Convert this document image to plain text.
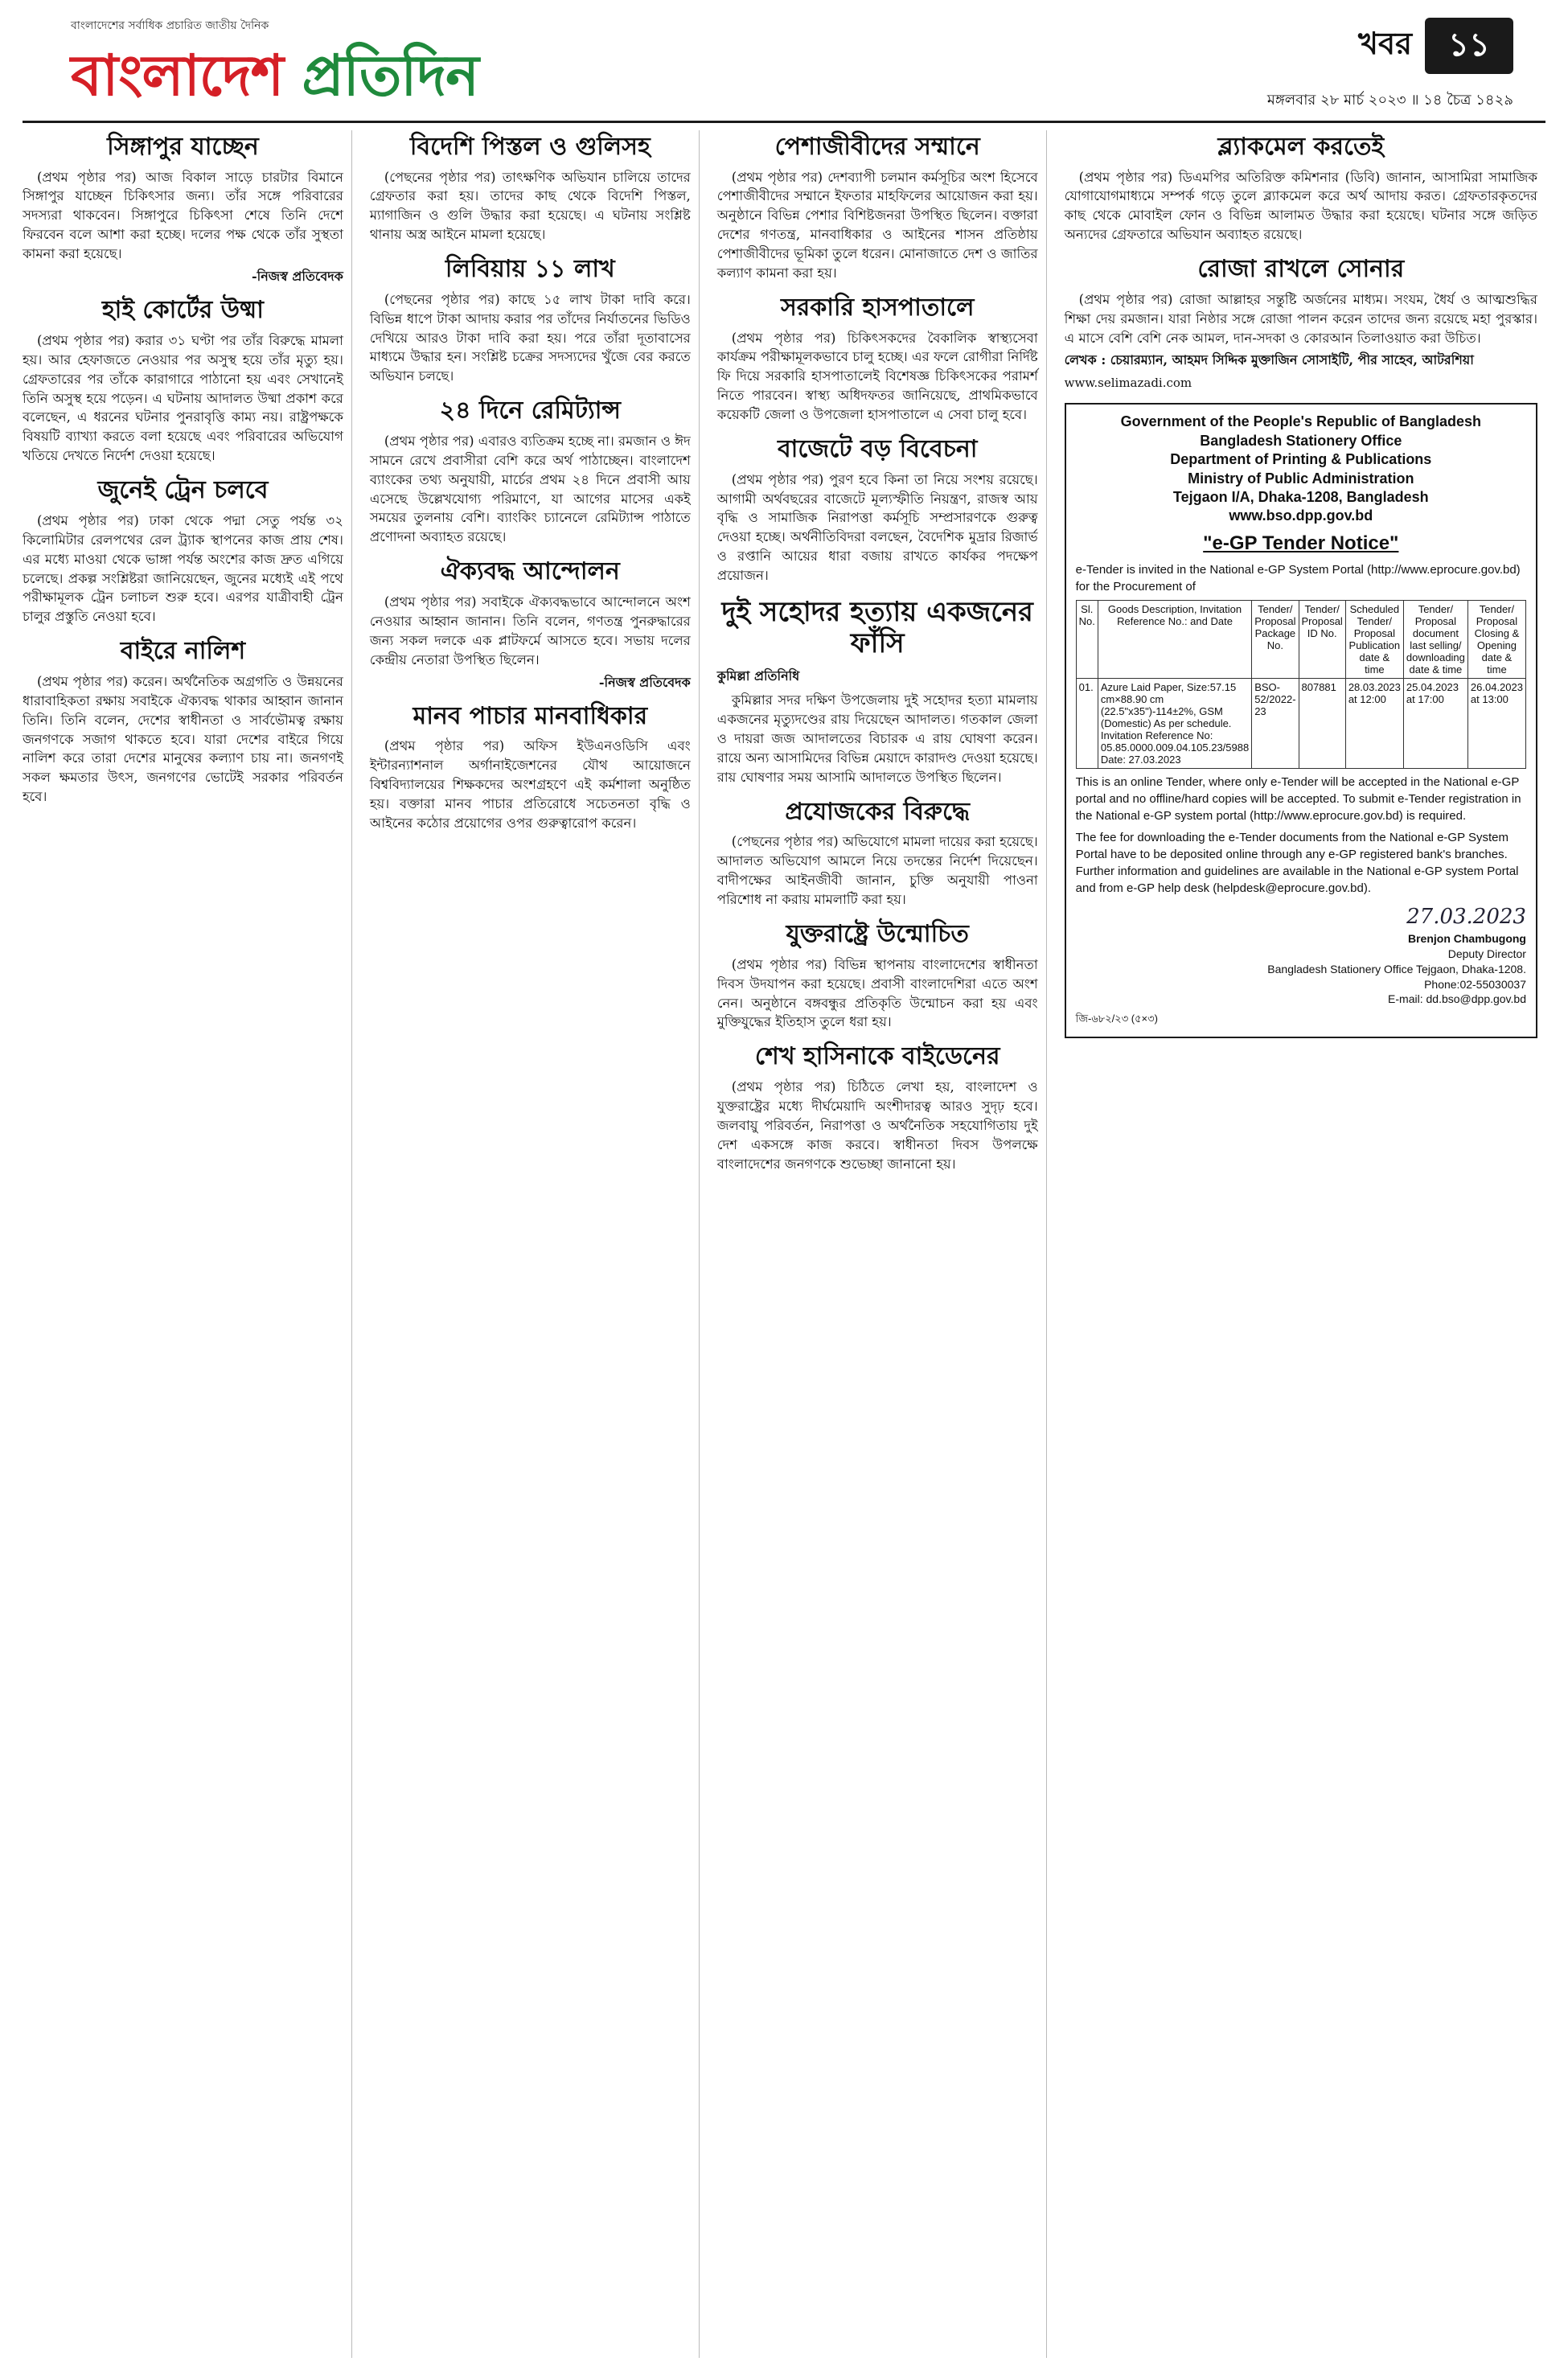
বাংলাদেশের সর্বাধিক প্রচারিত জাতীয় দৈনিক
বাংলাদেশ প্রতিদিন	খবর	১১
মঙ্গলবার ২৮ মার্চ ২০২৩ ॥ ১৪ চৈত্র ১৪২৯
সিঙ্গাপুর যাচ্ছেন

(প্রথম পৃষ্ঠার পর) আজ বিকাল সাড়ে চারটার বিমানে সিঙ্গাপুর যাচ্ছেন চিকিৎসার জন্য। তাঁর সঙ্গে পরিবারের সদস্যরা থাকবেন। সিঙ্গাপুরে চিকিৎসা শেষে তিনি দেশে ফিরবেন বলে আশা করা হচ্ছে। দলের পক্ষ থেকে তাঁর সুস্থতা কামনা করা হয়েছে।

-নিজস্ব প্রতিবেদক
হাই কোর্টের উষ্মা

(প্রথম পৃষ্ঠার পর) করার ৩১ ঘণ্টা পর তাঁর বিরুদ্ধে মামলা হয়। আর হেফাজতে নেওয়ার পর অসুস্থ হয়ে তাঁর মৃত্যু হয়। গ্রেফতারের পর তাঁকে কারাগারে পাঠানো হয় এবং সেখানেই তিনি অসুস্থ হয়ে পড়েন। এ ঘটনায় আদালত উষ্মা প্রকাশ করে বলেছেন, এ ধরনের ঘটনার পুনরাবৃত্তি কাম্য নয়। রাষ্ট্রপক্ষকে বিষয়টি ব্যাখ্যা করতে বলা হয়েছে এবং পরিবারের অভিযোগ খতিয়ে দেখতে নির্দেশ দেওয়া হয়েছে।

জুনেই ট্রেন চলবে

(প্রথম পৃষ্ঠার পর) ঢাকা থেকে পদ্মা সেতু পর্যন্ত ৩২ কিলোমিটার রেলপথের রেল ট্র্যাক স্থাপনের কাজ প্রায় শেষ। এর মধ্যে মাওয়া থেকে ভাঙ্গা পর্যন্ত অংশের কাজ দ্রুত এগিয়ে চলেছে। প্রকল্প সংশ্লিষ্টরা জানিয়েছেন, জুনের মধ্যেই এই পথে পরীক্ষামূলক ট্রেন চলাচল শুরু হবে। এরপর যাত্রীবাহী ট্রেন চালুর প্রস্তুতি নেওয়া হবে।

বাইরে নালিশ

(প্রথম পৃষ্ঠার পর) করেন। অর্থনৈতিক অগ্রগতি ও উন্নয়নের ধারাবাহিকতা রক্ষায় সবাইকে ঐক্যবদ্ধ থাকার আহ্বান জানান তিনি। তিনি বলেন, দেশের স্বাধীনতা ও সার্বভৌমত্ব রক্ষায় জনগণকে সজাগ থাকতে হবে। যারা দেশের বাইরে গিয়ে নালিশ করে তারা দেশের মানুষের কল্যাণ চায় না। জনগণই সকল ক্ষমতার উৎস, জনগণের ভোটেই সরকার পরিবর্তন হবে।

বিদেশি পিস্তল ও গুলিসহ

(পেছনের পৃষ্ঠার পর) তাৎক্ষণিক অভিযান চালিয়ে তাদের গ্রেফতার করা হয়। তাদের কাছ থেকে বিদেশি পিস্তল, ম্যাগাজিন ও গুলি উদ্ধার করা হয়েছে। এ ঘটনায় সংশ্লিষ্ট থানায় অস্ত্র আইনে মামলা হয়েছে।

লিবিয়ায় ১১ লাখ

(পেছনের পৃষ্ঠার পর) কাছে ১৫ লাখ টাকা দাবি করে। বিভিন্ন ধাপে টাকা আদায় করার পর তাঁদের নির্যাতনের ভিডিও দেখিয়ে আরও টাকা দাবি করা হয়। পরে তাঁরা দূতাবাসের মাধ্যমে উদ্ধার হন। সংশ্লিষ্ট চক্রের সদস্যদের খুঁজে বের করতে অভিযান চলছে।

২৪ দিনে রেমিট্যান্স

(প্রথম পৃষ্ঠার পর) এবারও ব্যতিক্রম হচ্ছে না। রমজান ও ঈদ সামনে রেখে প্রবাসীরা বেশি করে অর্থ পাঠাচ্ছেন। বাংলাদেশ ব্যাংকের তথ্য অনুযায়ী, মার্চের প্রথম ২৪ দিনে প্রবাসী আয় এসেছে উল্লেখযোগ্য পরিমাণে, যা আগের মাসের একই সময়ের তুলনায় বেশি। ব্যাংকিং চ্যানেলে রেমিট্যান্স পাঠাতে প্রণোদনা অব্যাহত রয়েছে।

ঐক্যবদ্ধ আন্দোলন

(প্রথম পৃষ্ঠার পর) সবাইকে ঐক্যবদ্ধভাবে আন্দোলনে অংশ নেওয়ার আহ্বান জানান। তিনি বলেন, গণতন্ত্র পুনরুদ্ধারের জন্য সকল দলকে এক প্লাটফর্মে আসতে হবে। সভায় দলের কেন্দ্রীয় নেতারা উপস্থিত ছিলেন।

-নিজস্ব প্রতিবেদক
মানব পাচার মানবাধিকার

(প্রথম পৃষ্ঠার পর) অফিস ইউএনওডিসি এবং ইন্টারন্যাশনাল অর্গানাইজেশনের যৌথ আয়োজনে বিশ্ববিদ্যালয়ের শিক্ষকদের অংশগ্রহণে এই কর্মশালা অনুষ্ঠিত হয়। বক্তারা মানব পাচার প্রতিরোধে সচেতনতা বৃদ্ধি ও আইনের কঠোর প্রয়োগের ওপর গুরুত্বারোপ করেন।

পেশাজীবীদের সম্মানে

(প্রথম পৃষ্ঠার পর) দেশব্যাপী চলমান কর্মসূচির অংশ হিসেবে পেশাজীবীদের সম্মানে ইফতার মাহফিলের আয়োজন করা হয়। অনুষ্ঠানে বিভিন্ন পেশার বিশিষ্টজনরা উপস্থিত ছিলেন। বক্তারা দেশের গণতন্ত্র, মানবাধিকার ও আইনের শাসন প্রতিষ্ঠায় পেশাজীবীদের ভূমিকা তুলে ধরেন। মোনাজাতে দেশ ও জাতির কল্যাণ কামনা করা হয়।

সরকারি হাসপাতালে

(প্রথম পৃষ্ঠার পর) চিকিৎসকদের বৈকালিক স্বাস্থ্যসেবা কার্যক্রম পরীক্ষামূলকভাবে চালু হচ্ছে। এর ফলে রোগীরা নির্দিষ্ট ফি দিয়ে সরকারি হাসপাতালেই বিশেষজ্ঞ চিকিৎসকের পরামর্শ নিতে পারবেন। স্বাস্থ্য অধিদফতর জানিয়েছে, প্রাথমিকভাবে কয়েকটি জেলা ও উপজেলা হাসপাতালে এ সেবা চালু হবে।

বাজেটে বড় বিবেচনা

(প্রথম পৃষ্ঠার পর) পুরণ হবে কিনা তা নিয়ে সংশয় রয়েছে। আগামী অর্থবছরের বাজেটে মূল্যস্ফীতি নিয়ন্ত্রণ, রাজস্ব আয় বৃদ্ধি ও সামাজিক নিরাপত্তা কর্মসূচি সম্প্রসারণকে গুরুত্ব দেওয়া হচ্ছে। অর্থনীতিবিদরা বলছেন, বৈদেশিক মুদ্রার রিজার্ভ ও রপ্তানি আয়ের ধারা বজায় রাখতে কার্যকর পদক্ষেপ প্রয়োজন।

দুই সহোদর হত্যায় একজনের ফাঁসি
কুমিল্লা প্রতিনিধি

কুমিল্লার সদর দক্ষিণ উপজেলায় দুই সহোদর হত্যা মামলায় একজনের মৃত্যুদণ্ডের রায় দিয়েছেন আদালত। গতকাল জেলা ও দায়রা জজ আদালতের বিচারক এ রায় ঘোষণা করেন। রায়ে অন্য আসামিদের বিভিন্ন মেয়াদে কারাদণ্ড দেওয়া হয়েছে। রায় ঘোষণার সময় আসামি আদালতে উপস্থিত ছিলেন।

প্রযোজকের বিরুদ্ধে

(পেছনের পৃষ্ঠার পর) অভিযোগে মামলা দায়ের করা হয়েছে। আদালত অভিযোগ আমলে নিয়ে তদন্তের নির্দেশ দিয়েছেন। বাদীপক্ষের আইনজীবী জানান, চুক্তি অনুযায়ী পাওনা পরিশোধ না করায় মামলাটি করা হয়।

যুক্তরাষ্ট্রে উন্মোচিত

(প্রথম পৃষ্ঠার পর) বিভিন্ন স্থাপনায় বাংলাদেশের স্বাধীনতা দিবস উদযাপন করা হয়েছে। প্রবাসী বাংলাদেশিরা এতে অংশ নেন। অনুষ্ঠানে বঙ্গবন্ধুর প্রতিকৃতি উন্মোচন করা হয় এবং মুক্তিযুদ্ধের ইতিহাস তুলে ধরা হয়।

শেখ হাসিনাকে বাইডেনের

(প্রথম পৃষ্ঠার পর) চিঠিতে লেখা হয়, বাংলাদেশ ও যুক্তরাষ্ট্রের মধ্যে দীর্ঘমেয়াদি অংশীদারত্ব আরও সুদৃঢ় হবে। জলবায়ু পরিবর্তন, নিরাপত্তা ও অর্থনৈতিক সহযোগিতায় দুই দেশ একসঙ্গে কাজ করবে। স্বাধীনতা দিবস উপলক্ষে বাংলাদেশের জনগণকে শুভেচ্ছা জানানো হয়।

ব্ল্যাকমেল করতেই

(প্রথম পৃষ্ঠার পর) ডিএমপির অতিরিক্ত কমিশনার (ডিবি) জানান, আসামিরা সামাজিক যোগাযোগমাধ্যমে সম্পর্ক গড়ে তুলে ব্ল্যাকমেল করে অর্থ আদায় করত। গ্রেফতারকৃতদের কাছ থেকে মোবাইল ফোন ও বিভিন্ন আলামত উদ্ধার করা হয়েছে। ঘটনার সঙ্গে জড়িত অন্যদের গ্রেফতারে অভিযান অব্যাহত রয়েছে।

রোজা রাখলে সোনার

(প্রথম পৃষ্ঠার পর) রোজা আল্লাহর সন্তুষ্টি অর্জনের মাধ্যম। সংযম, ধৈর্য ও আত্মশুদ্ধির শিক্ষা দেয় রমজান। যারা নিষ্ঠার সঙ্গে রোজা পালন করেন তাদের জন্য রয়েছে মহা পুরস্কার। এ মাসে বেশি বেশি নেক আমল, দান-সদকা ও কোরআন তিলাওয়াত করা উচিত।

লেখক : চেয়ারম্যান, আহমদ সিদ্দিক মুক্তাজিন সোসাইটি, পীর সাহেব, আটরশিয়া
www.selimazadi.com
Government of the People's Republic of Bangladesh
Bangladesh Stationery Office
Department of Printing & Publications
Ministry of Public Administration
Tejgaon I/A, Dhaka-1208, Bangladesh
www.bso.dpp.gov.bd
"e-GP Tender Notice"
e-Tender is invited in the National e-GP System Portal (http://www.eprocure.gov.bd) for the Procurement of
Sl. No.	Goods Description, Invitation Reference No.: and Date	Tender/ Proposal Package No.	Tender/ Proposal ID No.	Scheduled Tender/ Proposal Publication date & time	Tender/ Proposal document last selling/ downloading date & time	Tender/ Proposal Closing & Opening date & time
01.	Azure Laid Paper, Size:57.15 cm×88.90 cm (22.5"x35")-114±2%, GSM (Domestic) As per schedule. Invitation Reference No: 05.85.0000.009.04.105.23/5988 Date: 27.03.2023	BSO-52/2022-23	807881	28.03.2023 at 12:00	25.04.2023 at 17:00	26.04.2023 at 13:00
This is an online Tender, where only e-Tender will be accepted in the National e-GP portal and no offline/hard copies will be accepted. To submit e-Tender registration in the National e-GP system portal (http://www.eprocure.gov.bd) is required.
The fee for downloading the e-Tender documents from the National e-GP System Portal have to be deposited online through any e-GP registered bank's branches. Further information and guidelines are available in the National e-GP system Portal and from e-GP help desk (helpdesk@eprocure.gov.bd).
27.03.2023
Brenjon Chambugong
Deputy Director
Bangladesh Stationery Office Tejgaon, Dhaka-1208.
Phone:02-55030037
E-mail: dd.bso@dpp.gov.bd
জি-৬৮২/২৩ (৫×৩)
